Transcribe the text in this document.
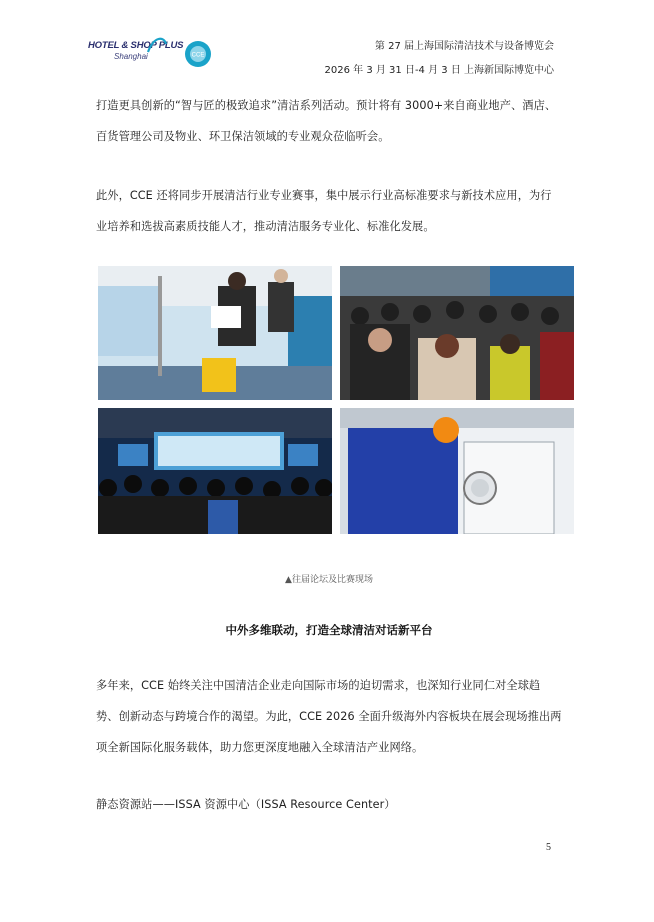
HOTEL & SHOP PLUS
Shanghai	CCE
第 27 届上海国际清洁技术与设备博览会
2026 年 3 月 31 日-4 月 3 日 上海新国际博览中心
打造更具创新的“智与匠的极致追求”清洁系列活动。预计将有 3000+来自商业地产、酒店、百货管理公司及物业、环卫保洁领域的专业观众莅临听会。
此外，CCE 还将同步开展清洁行业专业赛事，集中展示行业高标准要求与新技术应用，为行业培养和选拔高素质技能人才，推动清洁服务专业化、标准化发展。
▲往届论坛及比赛现场
中外多维联动，打造全球清洁对话新平台
多年来，CCE 始终关注中国清洁企业走向国际市场的迫切需求，也深知行业同仁对全球趋势、创新动态与跨境合作的渴望。为此，CCE 2026 全面升级海外内容板块在展会现场推出两项全新国际化服务载体，助力您更深度地融入全球清洁产业网络。
静态资源站——ISSA 资源中心（ISSA Resource Center）
5
